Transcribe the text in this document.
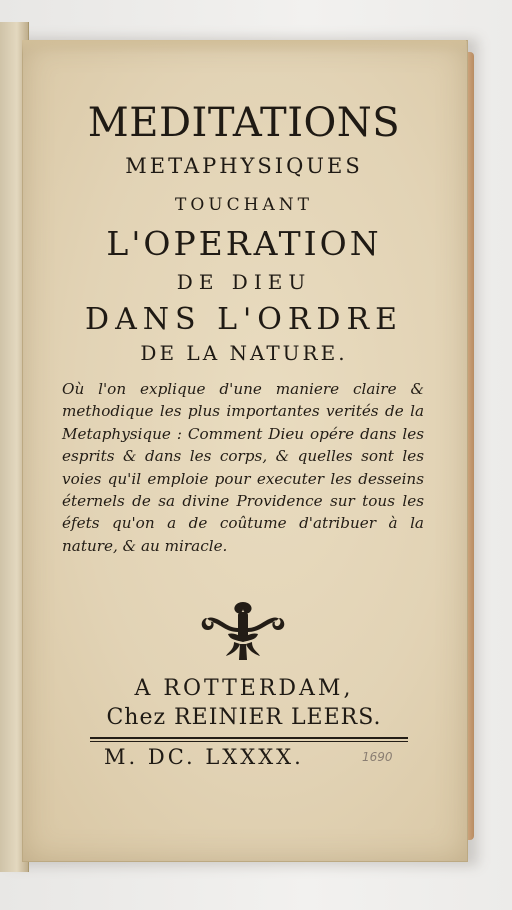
MEDITATIONS
METAPHYSIQUES
TOUCHANT
L'OPERATION
DE DIEU
DANS L'ORDRE
DE LA NATURE.
Où l'on explique d'une maniere claire & methodique les plus importantes verités de la Metaphysique : Comment Dieu opére dans les esprits & dans les corps, & quelles sont les voies qu'il emploie pour executer les desseins éternels de sa divine Providence sur tous les éfets qu'on a de coûtume d'atribuer à la nature, & au miracle.
A ROTTERDAM,
Chez REINIER LEERS.
M. DC. LXXXX.	1690
